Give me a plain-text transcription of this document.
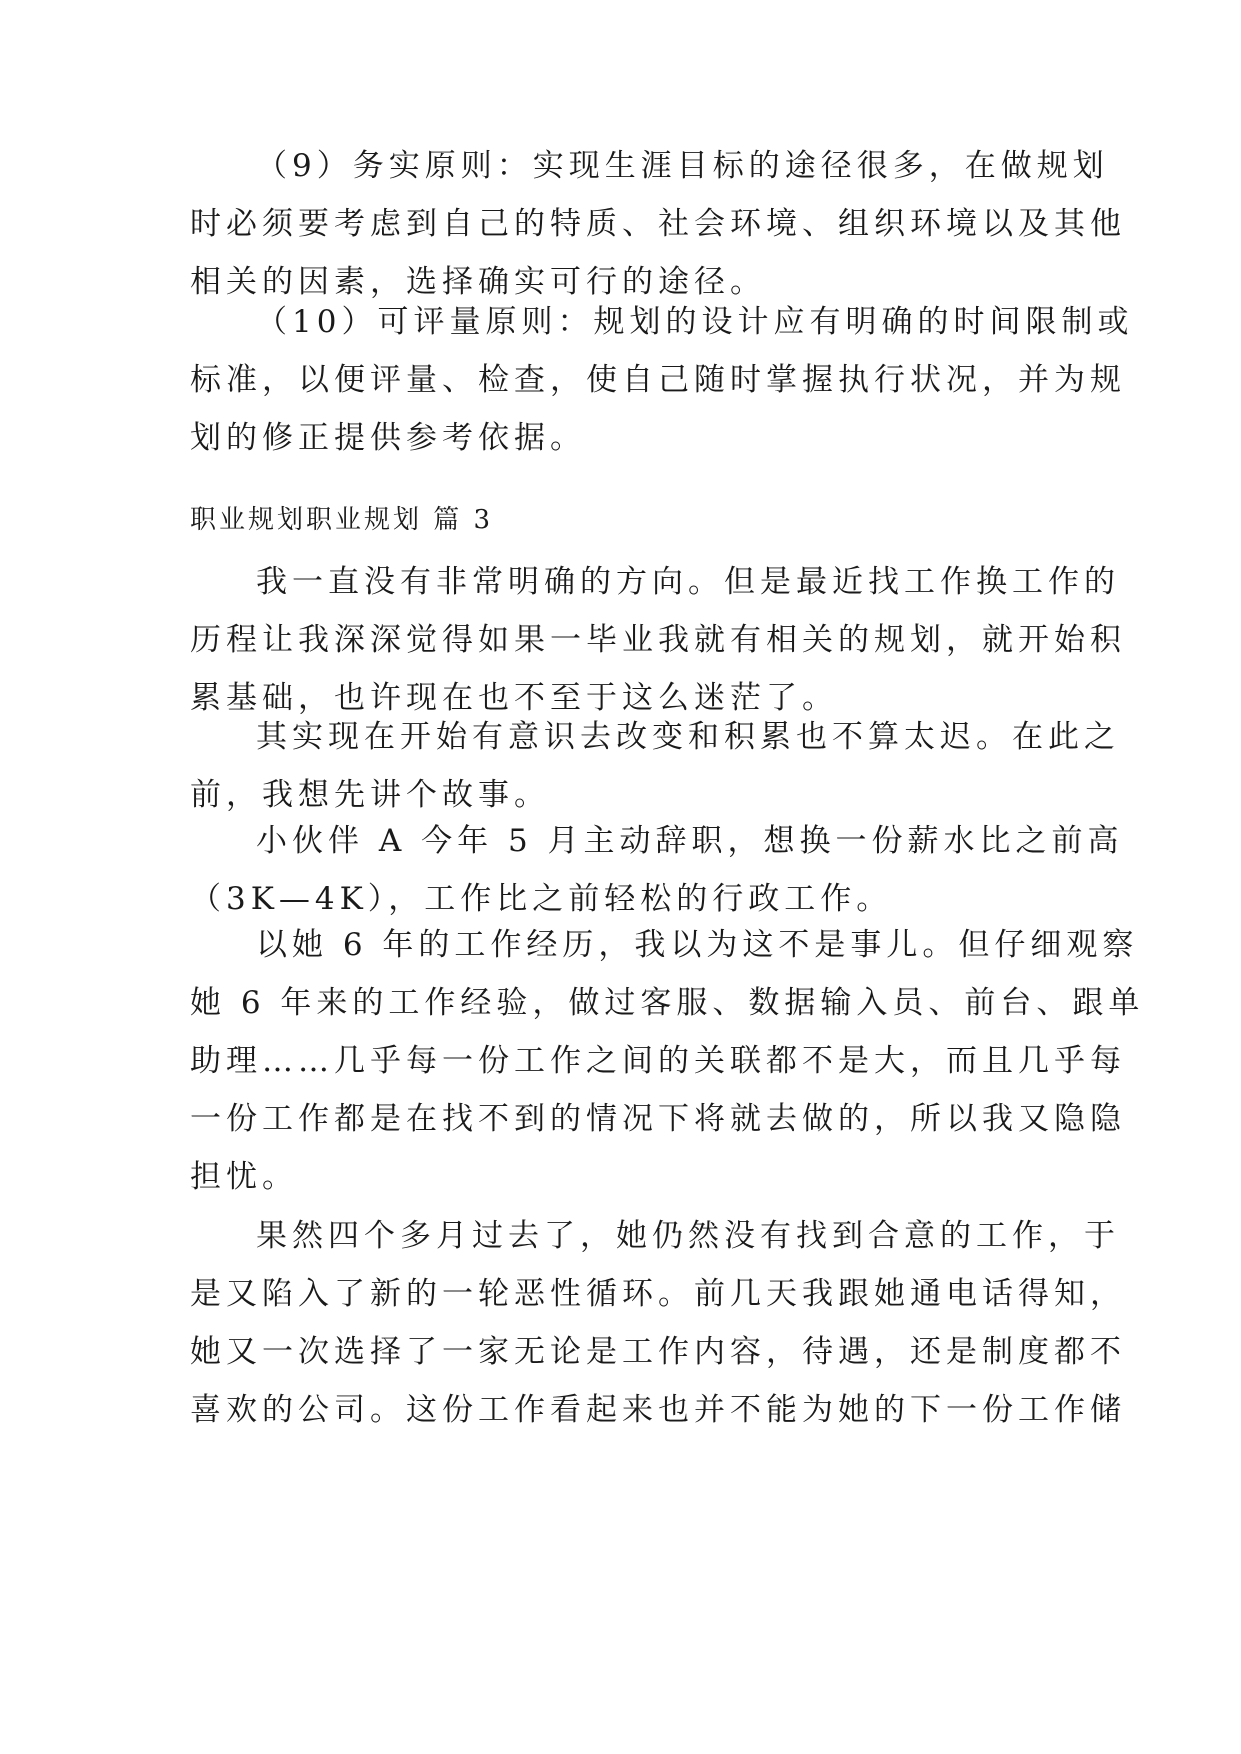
（9）务实原则：实现生涯目标的途径很多，在做规划
时必须要考虑到自己的特质、社会环境、组织环境以及其他
相关的因素，选择确实可行的途径。

（10）可评量原则：规划的设计应有明确的时间限制或
标准，以便评量、检查，使自己随时掌握执行状况，并为规
划的修正提供参考依据。

职业规划职业规划 篇 3

我一直没有非常明确的方向。但是最近找工作换工作的
历程让我深深觉得如果一毕业我就有相关的规划，就开始积
累基础，也许现在也不至于这么迷茫了。

其实现在开始有意识去改变和积累也不算太迟。在此之
前，我想先讲个故事。

小伙伴 A 今年 5 月主动辞职，想换一份薪水比之前高
（3K—4K），工作比之前轻松的行政工作。

以她 6 年的工作经历，我以为这不是事儿。但仔细观察
她 6 年来的工作经验，做过客服、数据输入员、前台、跟单
助理……几乎每一份工作之间的关联都不是大，而且几乎每
一份工作都是在找不到的情况下将就去做的，所以我又隐隐
担忧。

果然四个多月过去了，她仍然没有找到合意的工作，于
是又陷入了新的一轮恶性循环。前几天我跟她通电话得知，
她又一次选择了一家无论是工作内容，待遇，还是制度都不
喜欢的公司。这份工作看起来也并不能为她的下一份工作储
